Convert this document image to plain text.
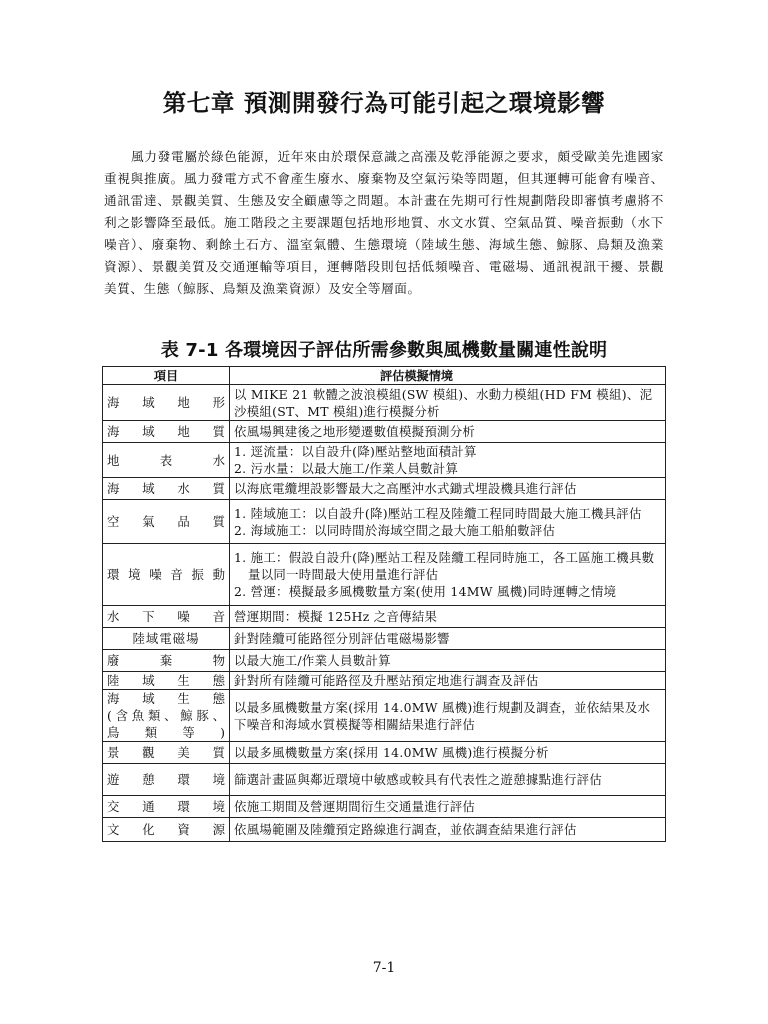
第七章 預測開發行為可能引起之環境影響

風力發電屬於綠色能源，近年來由於環保意識之高漲及乾淨能源之要求，頗受歐美先進國家重視與推廣。風力發電方式不會產生廢水、廢棄物及空氣污染等問題，但其運轉可能會有噪音、通訊雷達、景觀美質、生態及安全顧慮等之問題。本計畫在先期可行性規劃階段即審慎考慮將不利之影響降至最低。施工階段之主要課題包括地形地質、水文水質、空氣品質、噪音振動（水下噪音）、廢棄物、剩餘土石方、溫室氣體、生態環境（陸域生態、海域生態、鯨豚、鳥類及漁業資源）、景觀美質及交通運輸等項目，運轉階段則包括低頻噪音、電磁場、通訊視訊干擾、景觀美質、生態（鯨豚、鳥類及漁業資源）及安全等層面。

表 7-1 各環境因子評估所需參數與風機數量關連性說明
項目	評估模擬情境
海域地形	以 MIKE 21 軟體之波浪模組(SW 模組)、水動力模組(HD FM 模組)、泥沙模組(ST、MT 模組)進行模擬分析

海域地質	依風場興建後之地形變遷數值模擬預測分析

地表水	1. 逕流量：以自設升(降)壓站整地面積計算
2. 污水量：以最大施工/作業人員數計算

海域水質	以海底電纜埋設影響最大之高壓沖水式鋤式埋設機具進行評估

空氣品質	1. 陸域施工：以自設升(降)壓站工程及陸纜工程同時間最大施工機具評估
2. 海域施工：以同時間於海域空間之最大施工船舶數評估

環境噪音振動	1. 施工：假設自設升(降)壓站工程及陸纜工程同時施工，各工區施工機具數量以同一時間最大使用量進行評估
2. 營運：模擬最多風機數量方案(使用 14MW 風機)同時運轉之情境

水下噪音	營運期間：模擬 125Hz 之音傳結果

陸域電磁場	針對陸纜可能路徑分別評估電磁場影響

廢棄物	以最大施工/作業人員數計算

陸域生態	針對所有陸纜可能路徑及升壓站預定地進行調查及評估

海域生態
(含魚類、鯨豚、
鳥類等)	以最多風機數量方案(採用 14.0MW 風機)進行規劃及調查，並依結果及水下噪音和海域水質模擬等相關結果進行評估

景觀美質	以最多風機數量方案(採用 14.0MW 風機)進行模擬分析

遊憩環境	篩選計畫區與鄰近環境中敏感或較具有代表性之遊憩據點進行評估

交通環境	依施工期間及營運期間衍生交通量進行評估

文化資源	依風場範圍及陸纜預定路線進行調查，並依調查結果進行評估
7-1
